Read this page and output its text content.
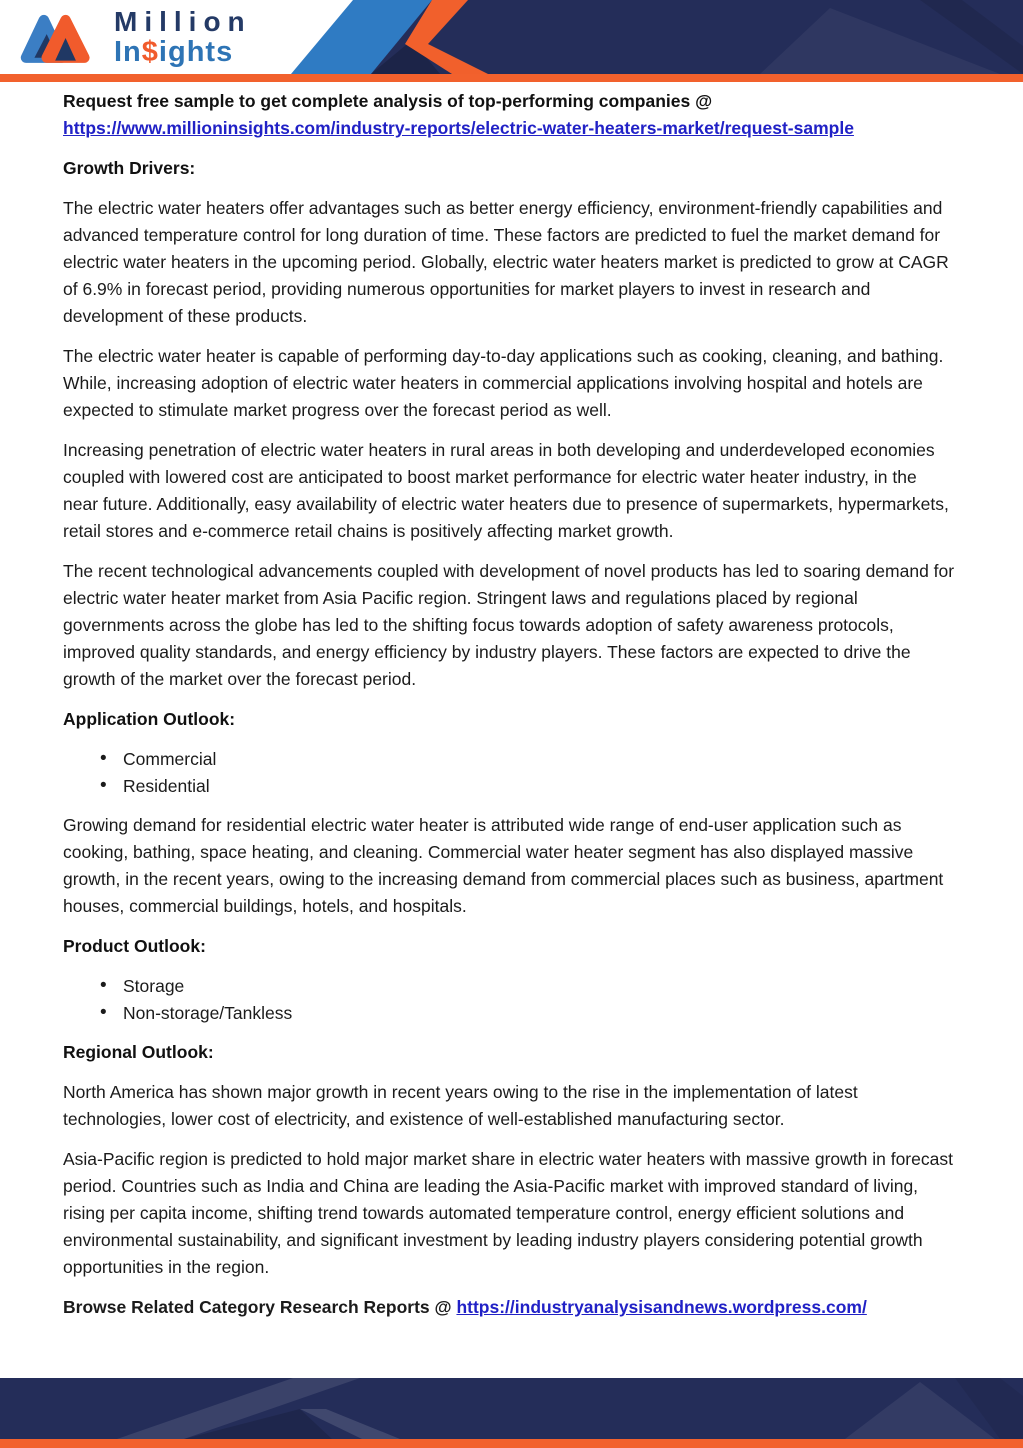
Million
In$ights

Request free sample to get complete analysis of top-performing companies @
https://www.millioninsights.com/industry-reports/electric-water-heaters-market/request-sample

Growth Drivers:

The electric water heaters offer advantages such as better energy efficiency, environment-friendly capabilities and advanced temperature control for long duration of time. These factors are predicted to fuel the market demand for electric water heaters in the upcoming period. Globally, electric water heaters market is predicted to grow at CAGR of 6.9% in forecast period, providing numerous opportunities for market players to invest in research and development of these products.

The electric water heater is capable of performing day-to-day applications such as cooking, cleaning, and bathing. While, increasing adoption of electric water heaters in commercial applications involving hospital and hotels are expected to stimulate market progress over the forecast period as well.

Increasing penetration of electric water heaters in rural areas in both developing and underdeveloped economies coupled with lowered cost are anticipated to boost market performance for electric water heater industry, in the near future. Additionally, easy availability of electric water heaters due to presence of supermarkets, hypermarkets, retail stores and e-commerce retail chains is positively affecting market growth.

The recent technological advancements coupled with development of novel products has led to soaring demand for electric water heater market from Asia Pacific region. Stringent laws and regulations placed by regional governments across the globe has led to the shifting focus towards adoption of safety awareness protocols, improved quality standards, and energy efficiency by industry players. These factors are expected to drive the growth of the market over the forecast period.

Application Outlook:
• Commercial
• Residential

Growing demand for residential electric water heater is attributed wide range of end-user application such as cooking, bathing, space heating, and cleaning. Commercial water heater segment has also displayed massive growth, in the recent years, owing to the increasing demand from commercial places such as business, apartment houses, commercial buildings, hotels, and hospitals.

Product Outlook:
• Storage
• Non-storage/Tankless
Regional Outlook:

North America has shown major growth in recent years owing to the rise in the implementation of latest technologies, lower cost of electricity, and existence of well-established manufacturing sector.

Asia-Pacific region is predicted to hold major market share in electric water heaters with massive growth in forecast period. Countries such as India and China are leading the Asia-Pacific market with improved standard of living, rising per capita income, shifting trend towards automated temperature control, energy efficient solutions and environmental sustainability, and significant investment by leading industry players considering potential growth opportunities in the region.

Browse Related Category Research Reports @ https://industryanalysisandnews.wordpress.com/
